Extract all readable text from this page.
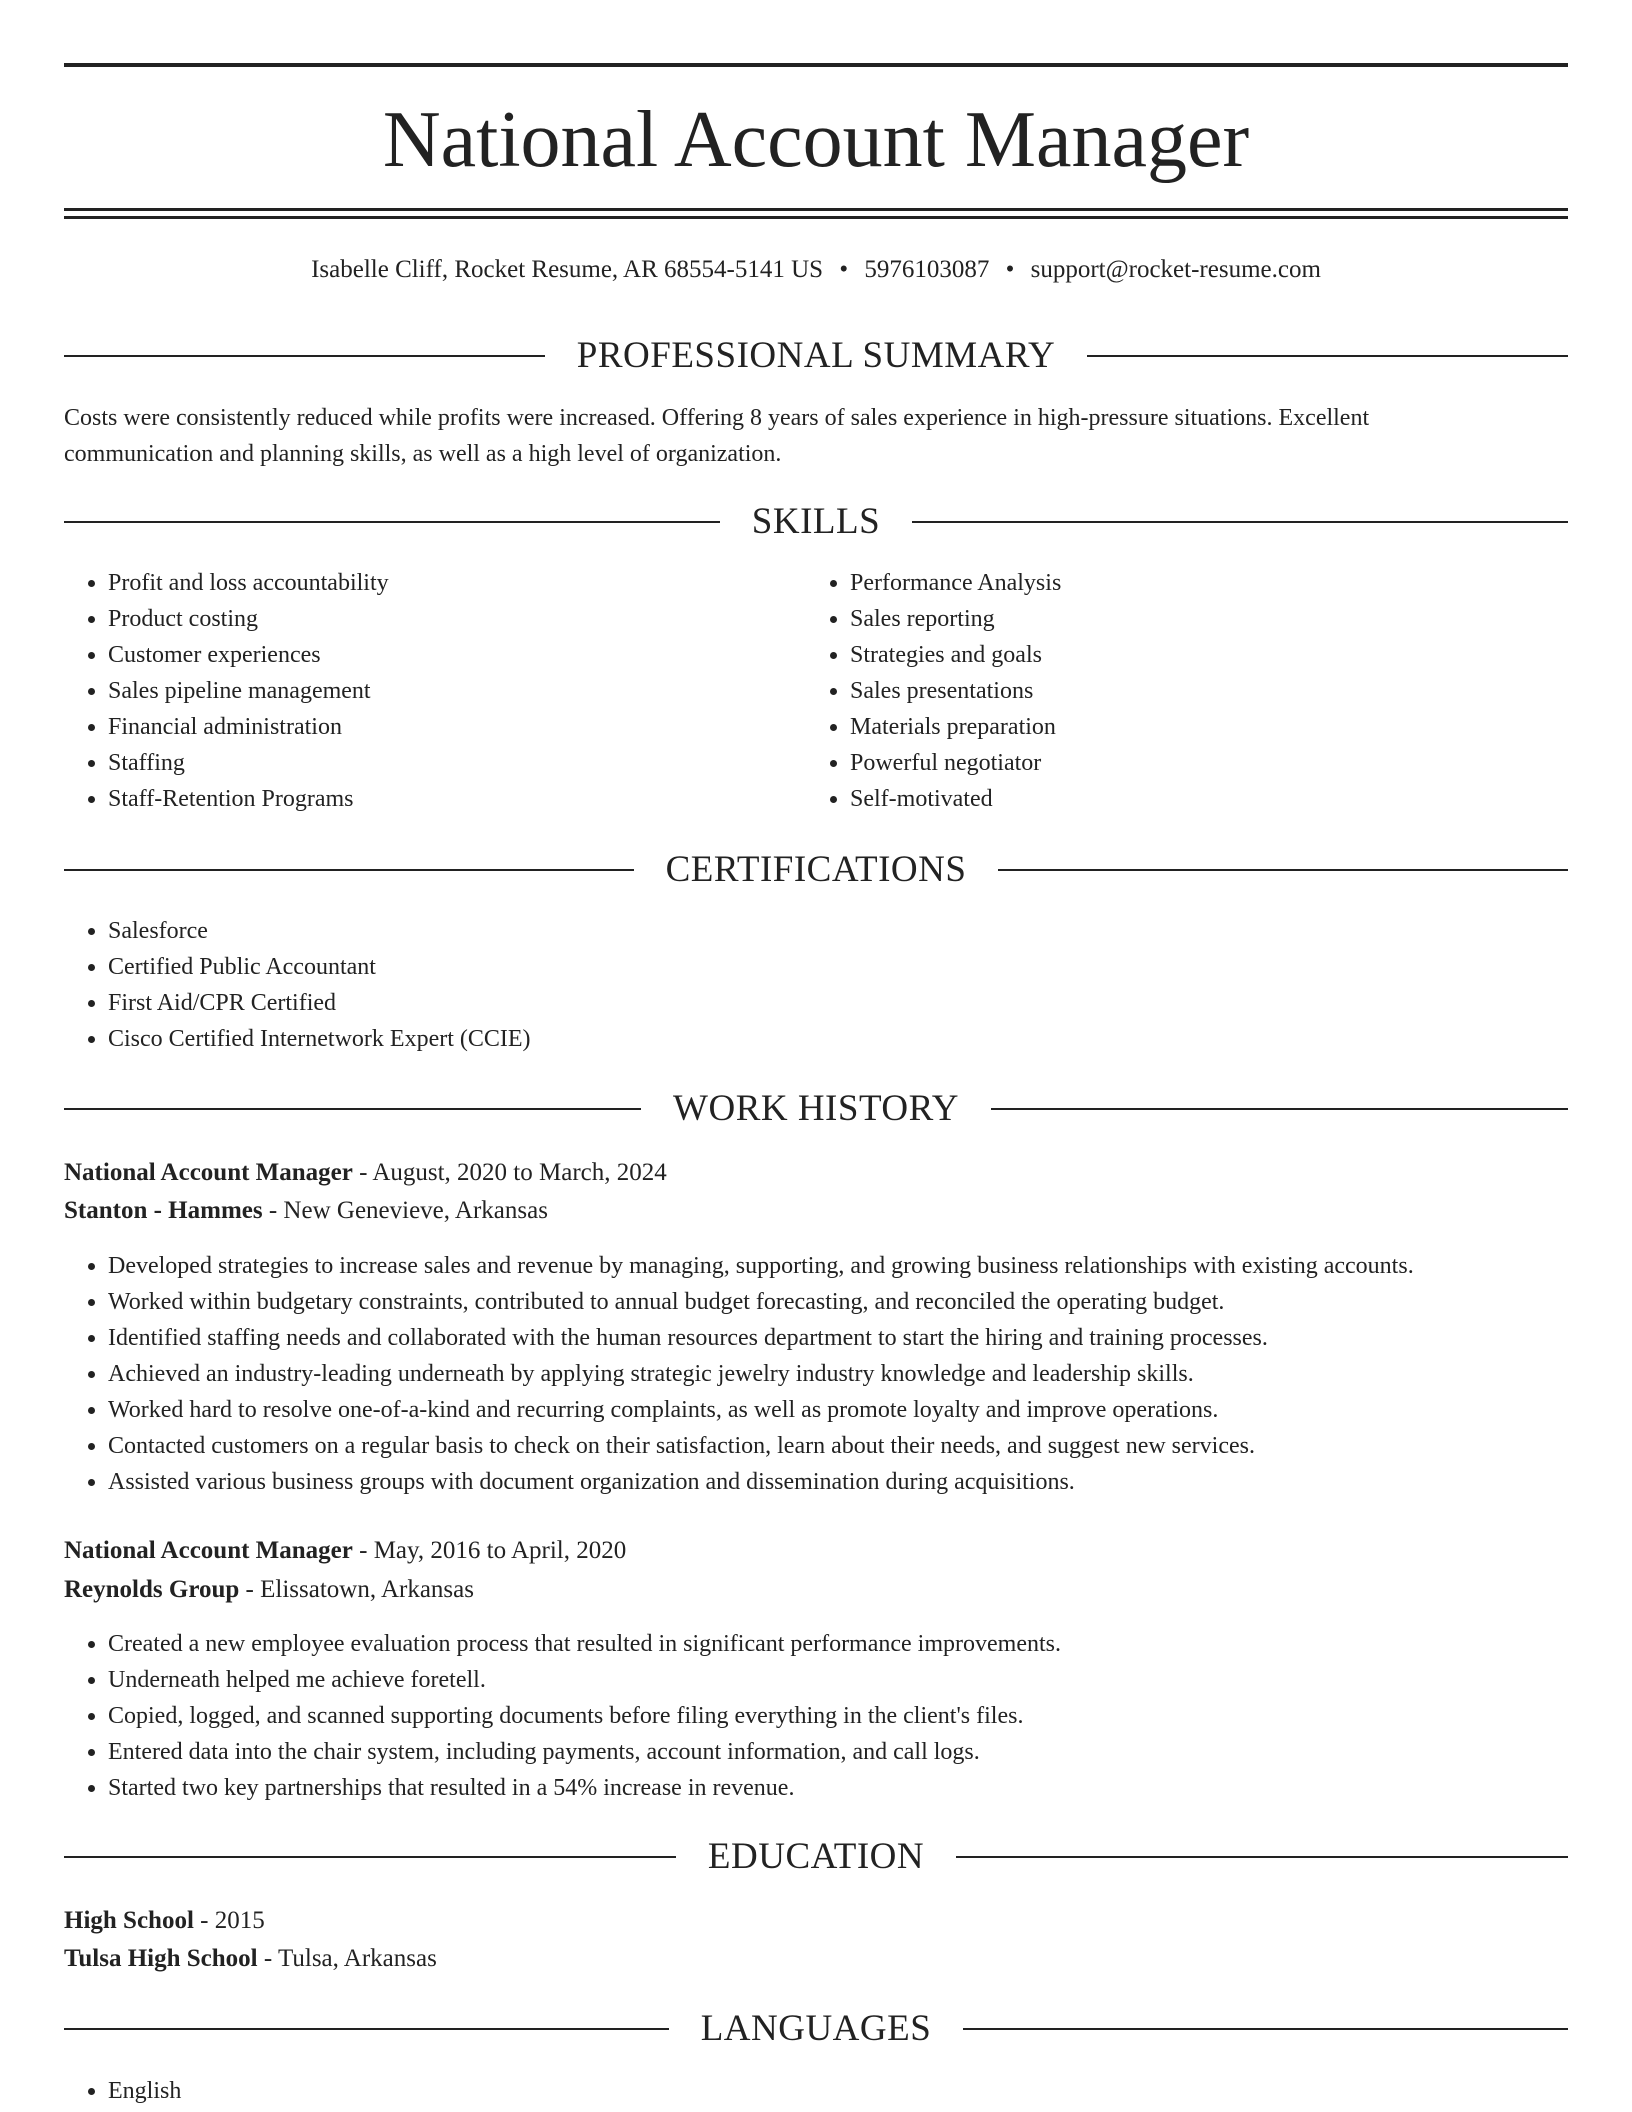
National Account Manager
Isabelle Cliff, Rocket Resume, AR 68554-5141 US • 5976103087 • support@rocket-resume.com
PROFESSIONAL SUMMARY

Costs were consistently reduced while profits were increased. Offering 8 years of sales experience in high-pressure situations. Excellent communication and planning skills, as well as a high level of organization.

SKILLS
• Profit and loss accountability
• Product costing
• Customer experiences
• Sales pipeline management
• Financial administration
• Staffing
• Staff-Retention Programs
• Performance Analysis
• Sales reporting
• Strategies and goals
• Sales presentations
• Materials preparation
• Powerful negotiator
• Self-motivated
CERTIFICATIONS
• Salesforce
• Certified Public Accountant
• First Aid/CPR Certified
• Cisco Certified Internetwork Expert (CCIE)
WORK HISTORY
National Account Manager - August, 2020 to March, 2024
Stanton - Hammes - New Genevieve, Arkansas
• Developed strategies to increase sales and revenue by managing, supporting, and growing business relationships with existing accounts.
• Worked within budgetary constraints, contributed to annual budget forecasting, and reconciled the operating budget.
• Identified staffing needs and collaborated with the human resources department to start the hiring and training processes.
• Achieved an industry-leading underneath by applying strategic jewelry industry knowledge and leadership skills.
• Worked hard to resolve one-of-a-kind and recurring complaints, as well as promote loyalty and improve operations.
• Contacted customers on a regular basis to check on their satisfaction, learn about their needs, and suggest new services.
• Assisted various business groups with document organization and dissemination during acquisitions.
National Account Manager - May, 2016 to April, 2020
Reynolds Group - Elissatown, Arkansas
• Created a new employee evaluation process that resulted in significant performance improvements.
• Underneath helped me achieve foretell.
• Copied, logged, and scanned supporting documents before filing everything in the client's files.
• Entered data into the chair system, including payments, account information, and call logs.
• Started two key partnerships that resulted in a 54% increase in revenue.
EDUCATION
High School - 2015
Tulsa High School - Tulsa, Arkansas
LANGUAGES
• English
